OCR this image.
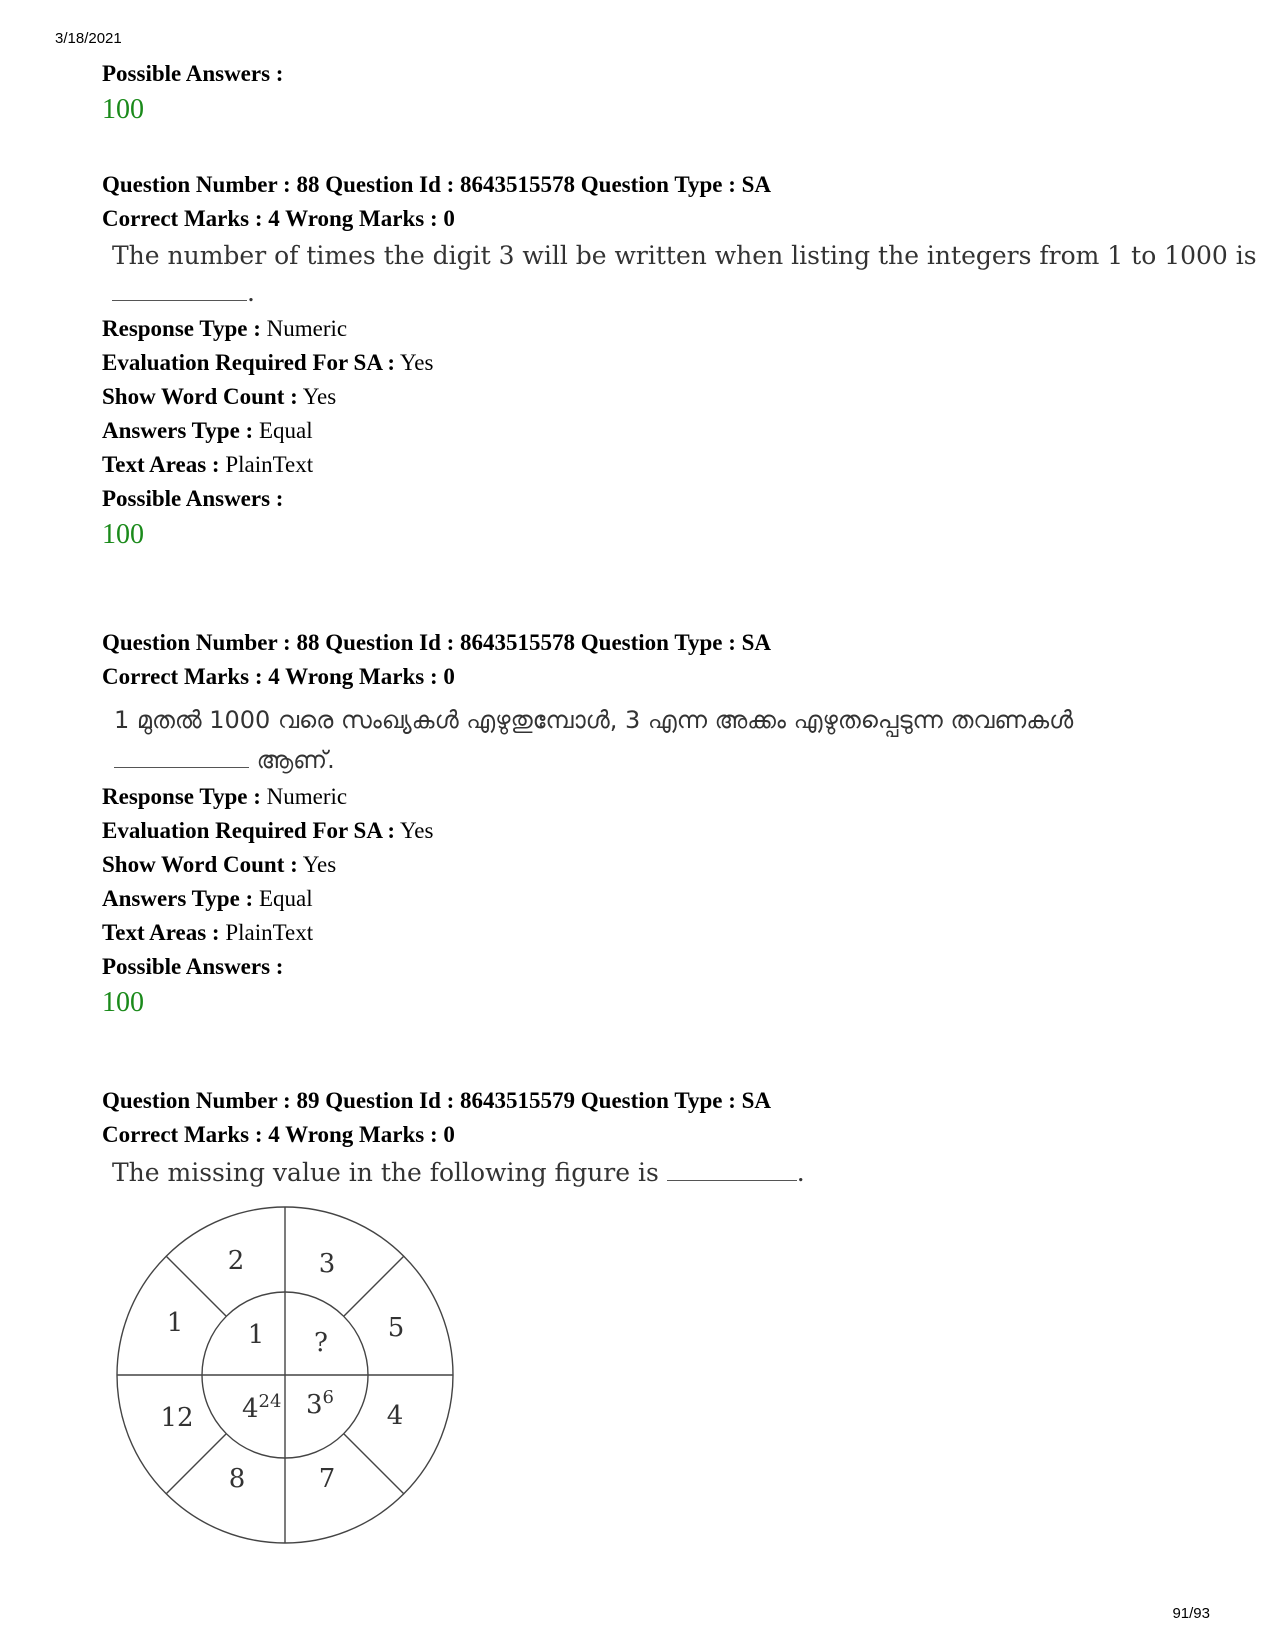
3/18/2021
Possible Answers :
100
Question Number : 88 Question Id : 8643515578 Question Type : SA
Correct Marks : 4 Wrong Marks : 0
The number of times the digit 3 will be written when listing the integers from 1 to 1000 is
.
Response Type : Numeric
Evaluation Required For SA : Yes
Show Word Count : Yes
Answers Type : Equal
Text Areas : PlainText
Possible Answers :
100
Question Number : 88 Question Id : 8643515578 Question Type : SA
Correct Marks : 4 Wrong Marks : 0
1 മുതൽ 1000 വരെ സംഖ്യകൾ എഴുതുമ്പോൾ, 3 എന്ന അക്കം എഴുതപ്പെടുന്ന തവണകൾ
ആണ്.
Response Type : Numeric
Evaluation Required For SA : Yes
Show Word Count : Yes
Answers Type : Equal
Text Areas : PlainText
Possible Answers :
100
Question Number : 89 Question Id : 8643515579 Question Type : SA
Correct Marks : 4 Wrong Marks : 0
The missing value in the following figure is	.
2	3
5
4
7
8
12
1 1 ?
$4^{24}$ $3^6$
91/93
